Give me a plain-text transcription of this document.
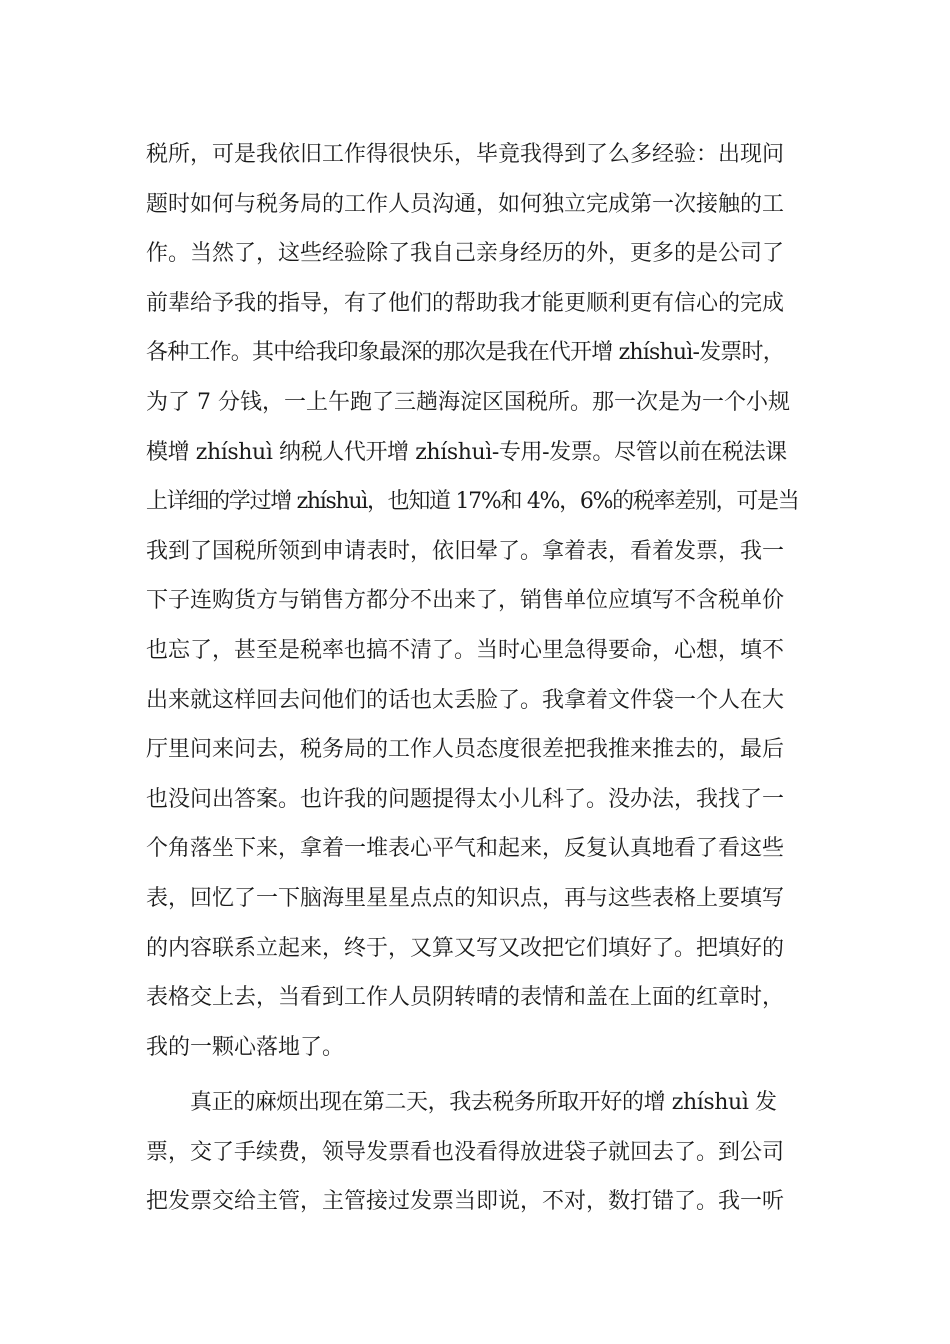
税所，可是我依旧工作得很快乐，毕竟我得到了么多经验：出现问
题时如何与税务局的工作人员沟通，如何独立完成第一次接触的工
作。当然了，这些经验除了我自己亲身经历的外，更多的是公司了
前辈给予我的指导，有了他们的帮助我才能更顺利更有信心的完成
各种工作。其中给我印象最深的那次是我在代开增 zhíshuì-发票时，
为了 7 分钱，一上午跑了三趟海淀区国税所。那一次是为一个小规
模增 zhíshuì 纳税人代开增 zhíshuì-专用-发票。尽管以前在税法课
上详细的学过增 zhíshuì，也知道 17%和 4%，6%的税率差别，可是当
我到了国税所领到申请表时，依旧晕了。拿着表，看着发票，我一
下子连购货方与销售方都分不出来了，销售单位应填写不含税单价
也忘了，甚至是税率也搞不清了。当时心里急得要命，心想，填不
出来就这样回去问他们的话也太丢脸了。我拿着文件袋一个人在大
厅里问来问去，税务局的工作人员态度很差把我推来推去的，最后
也没问出答案。也许我的问题提得太小儿科了。没办法，我找了一
个角落坐下来，拿着一堆表心平气和起来，反复认真地看了看这些
表，回忆了一下脑海里星星点点的知识点，再与这些表格上要填写
的内容联系立起来，终于，又算又写又改把它们填好了。把填好的
表格交上去，当看到工作人员阴转晴的表情和盖在上面的红章时，
我的一颗心落地了。
真正的麻烦出现在第二天，我去税务所取开好的增 zhíshuì 发
票，交了手续费，领导发票看也没看得放进袋子就回去了。到公司
把发票交给主管，主管接过发票当即说，不对，数打错了。我一听
